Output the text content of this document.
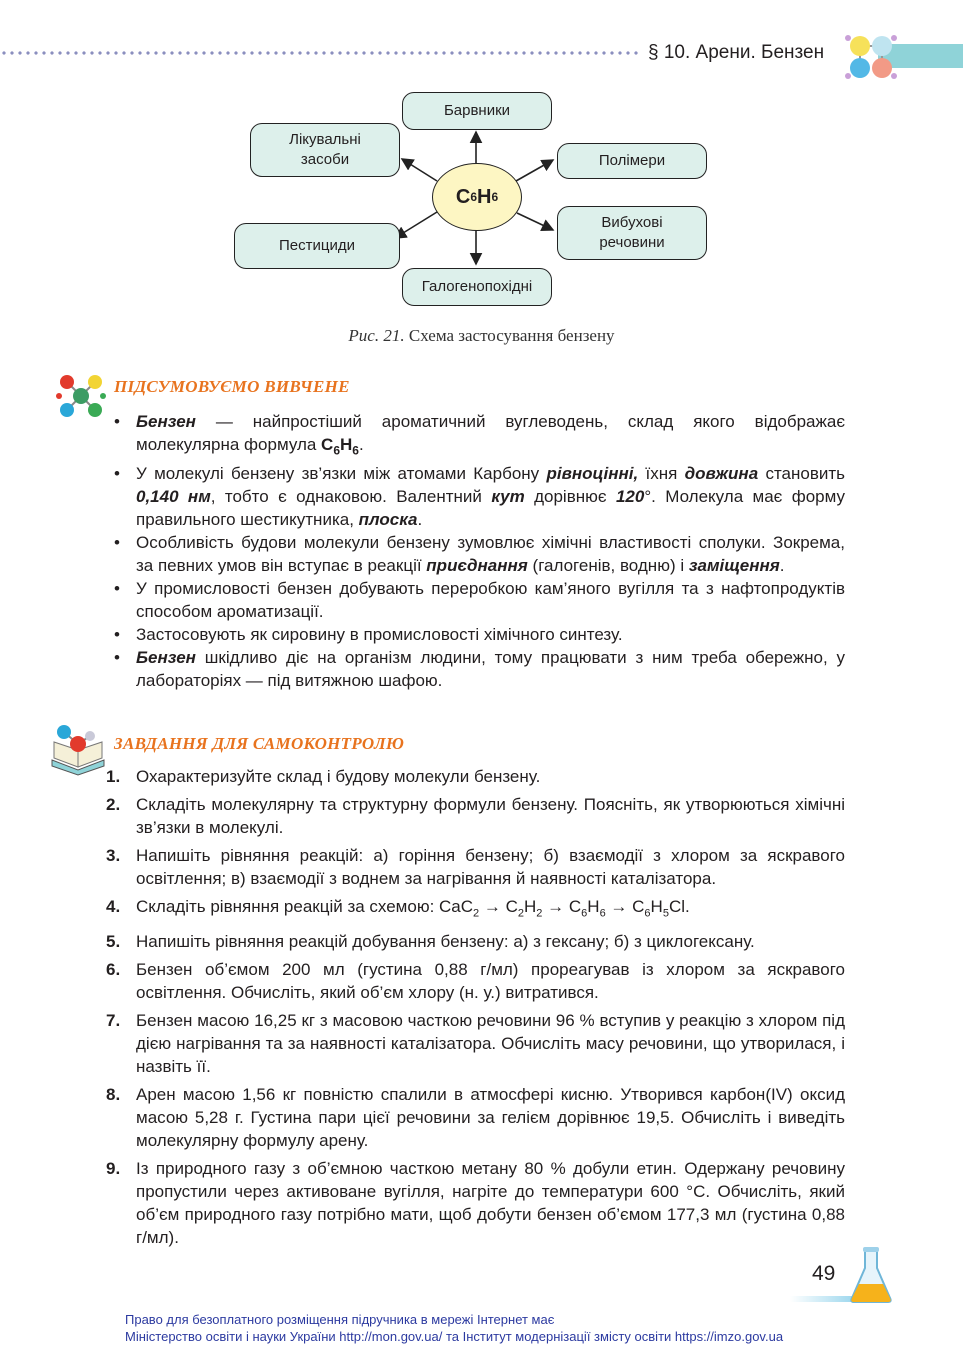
§ 10. Арени. Бензен
Барвники
Лікувальні
засоби	Полімери
Вибухові
речовини
Пестициди
Галогенопохідні
C 6 H 6
Рис. 21. Схема застосування бензену
ПІДСУМОВУЄМО ВИВЧЕНЕ
• Бензен — найпростіший ароматичний вуглеводень, склад якого відображає молекулярна формула $C_6H_6$.
• У молекулі бензену зв’язки між атомами Карбону рівноцінні, їхня довжина становить 0,140 нм, тобто є однаковою. Валентний кут дорівнює 120°. Молекула має форму правильного шестикутника, плоска.
• Особливість будови молекули бензену зумовлює хімічні властивості сполуки. Зокрема, за певних умов він вступає в реакції приєднання (галогенів, водню) і заміщення.
• У промисловості бензен добувають переробкою кам’яного вугілля та з нафтопродуктів способом ароматизації.
• Застосовують як сировину в промисловості хімічного синтезу.
• Бензен шкідливо діє на організм людини, тому працювати з ним треба обережно, у лабораторіях — під витяжною шафою.
ЗАВДАННЯ ДЛЯ САМОКОНТРОЛЮ
1. Охарактеризуйте склад і будову молекули бензену.
2. Складіть молекулярну та структурну формули бензену. Поясніть, як утворюються хімічні зв’язки в молекулі.
3. Напишіть рівняння реакцій: а) горіння бензену; б) взаємодії з хлором за яскравого освітлення; в) взаємодії з воднем за нагрівання й наявності каталізатора.
4. Складіть рівняння реакцій за схемою: $CaC_2 \to C_2H_2 \to C_6H_6 \to C_6H_5Cl$.
5. Напишіть рівняння реакцій добування бензену: а) з гексану; б) з циклогексану.
6. Бензен об’ємом 200 мл (густина 0,88 г/мл) прореагував із хлором за яскравого освітлення. Обчисліть, який об’єм хлору (н. у.) витратився.
7. Бензен масою 16,25 кг з масовою часткою речовини 96 % вступив у реакцію з хлором під дією нагрівання та за наявності каталізатора. Обчисліть масу речовини, що утворилася, і назвіть її.
8. Арен масою 1,56 кг повністю спалили в атмосфері кисню. Утворився карбон(IV) оксид масою 5,28 г. Густина пари цієї речовини за гелієм дорівнює 19,5. Обчисліть і виведіть молекулярну формулу арену.
9. Із природного газу з об’ємною часткою метану 80 % добули етин. Одержану речовину пропустили через активоване вугілля, нагріте до температури 600 °С. Обчисліть, який об’єм природного газу потрібно мати, щоб добути бензен об’ємом 177,3 мл (густина 0,88 г/мл).
49
Право для безоплатного розміщення підручника в мережі Інтернет має
Міністерство освіти і науки України http://mon.gov.ua/ та Інститут модернізації змісту освіти https://imzo.gov.ua
